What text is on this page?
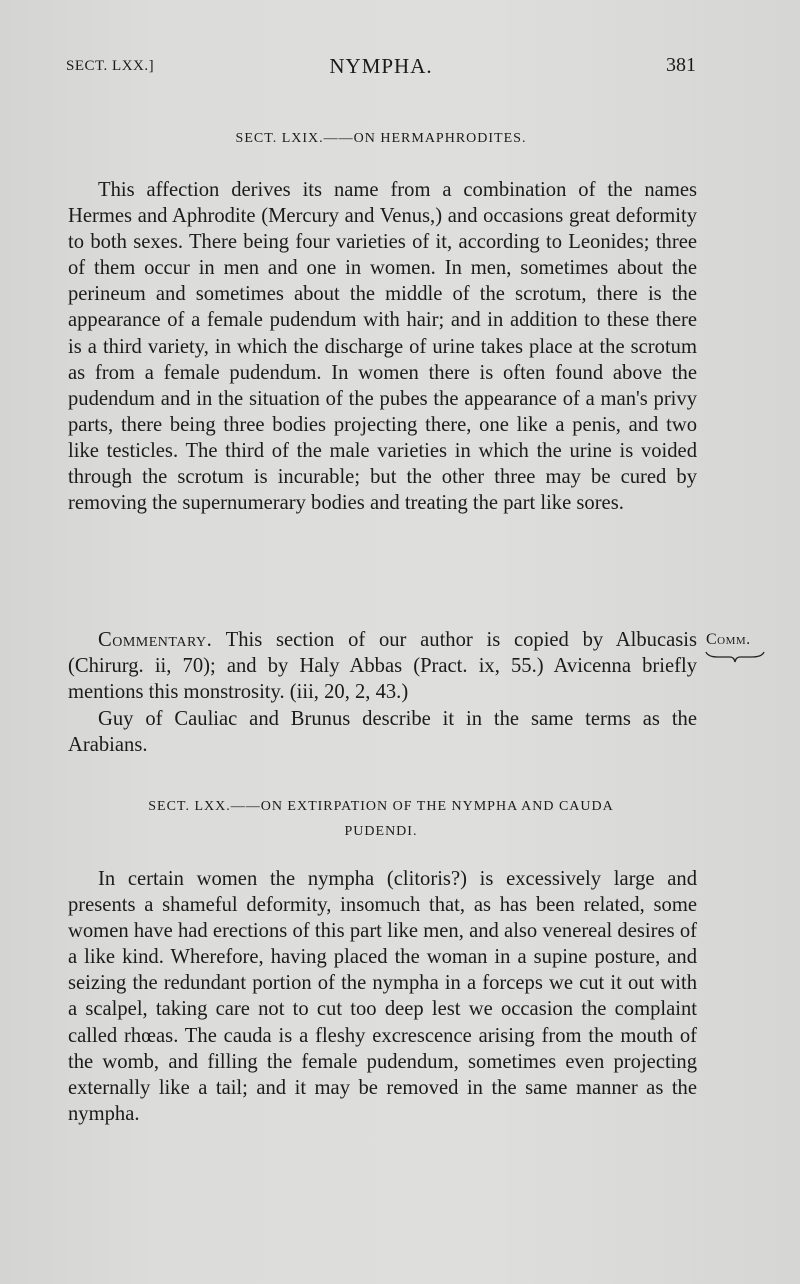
SECT. LXX.]	NYMPHA.	381
SECT. LXIX.——ON HERMAPHRODITES.

This affection derives its name from a combination of the names Hermes and Aphrodite (Mercury and Venus,) and occasions great deformity to both sexes. There being four varieties of it, according to Leonides; three of them occur in men and one in women. In men, sometimes about the perineum and sometimes about the middle of the scrotum, there is the appearance of a female pudendum with hair; and in addition to these there is a third variety, in which the discharge of urine takes place at the scrotum as from a female pudendum. In women there is often found above the pudendum and in the situation of the pubes the appearance of a man's privy parts, there being three bodies projecting there, one like a penis, and two like testicles. The third of the male varieties in which the urine is voided through the scrotum is incurable; but the other three may be cured by removing the supernumerary bodies and treating the part like sores.

Commentary. This section of our author is copied by Albucasis (Chirurg. ii, 70); and by Haly Abbas (Pract. ix, 55.) Avicenna briefly mentions this monstrosity. (iii, 20, 2, 43.)

Guy of Cauliac and Brunus describe it in the same terms as the Arabians.

Comm.
SECT. LXX.——ON EXTIRPATION OF THE NYMPHA AND CAUDA
PUDENDI.

In certain women the nympha (clitoris?) is excessively large and presents a shameful deformity, insomuch that, as has been related, some women have had erections of this part like men, and also venereal desires of a like kind. Wherefore, having placed the woman in a supine posture, and seizing the redundant portion of the nympha in a forceps we cut it out with a scalpel, taking care not to cut too deep lest we occasion the complaint called rhœas. The cauda is a fleshy excrescence arising from the mouth of the womb, and filling the female pudendum, sometimes even projecting externally like a tail; and it may be removed in the same manner as the nympha.
